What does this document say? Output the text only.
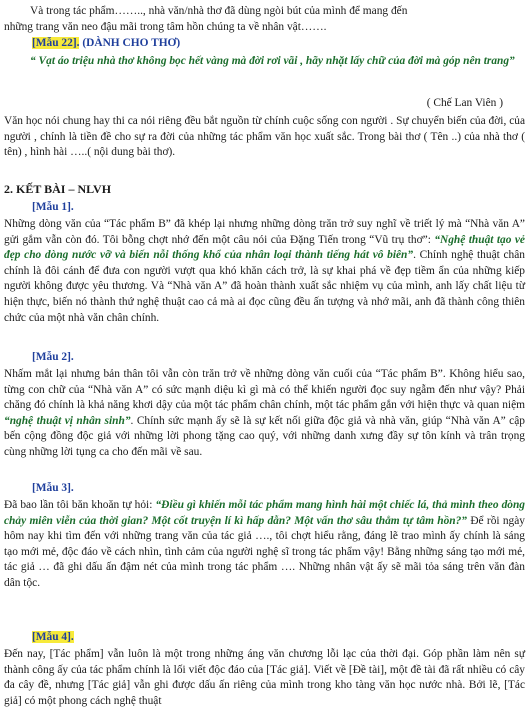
Và trong tác phẩm…….., nhà văn/nhà thơ đã dùng ngòi bút của mình để mang đến
những trang văn neo đậu mãi trong tâm hồn chúng ta về nhân vật…….

[Mẫu 22]. (DÀNH CHO THƠ)

“ Vạt áo triệu nhà thơ không bọc hết vàng mà đời rơi vãi , hãy nhặt lấy chữ của đời mà góp nên trang”

( Chế Lan Viên )

Văn học nói chung hay thi ca nói riêng đều bắt nguồn từ chính cuộc sống con người . Sự chuyển biến của đời, của người , chính là tiền đề cho sự ra đời của những tác phẩm văn học xuất sắc. Trong bài thơ ( Tên ..) của nhà thơ ( tên) , hình hài …..( nội dung bài thơ).

2. KẾT BÀI – NLVH
[Mẫu 1].

Những dòng văn của “Tác phẩm B” đã khép lại nhưng những dòng trăn trở suy nghĩ về triết lý mà “Nhà văn A” gửi gắm vẫn còn đó. Tôi bỗng chợt nhớ đến một câu nói của Đặng Tiến trong “Vũ trụ thơ”: “Nghệ thuật tạo vẻ đẹp cho dòng nước vỡ và biến nỗi thống khổ của nhân loại thành tiếng hát vô biên”. Chính nghệ thuật chân chính là đôi cánh để đưa con người vượt qua khó khăn cách trở, là sự khai phá về đẹp tiềm ẩn của những kiếp người không được yêu thương. Và “Nhà văn A” đã hoàn thành xuất sắc nhiệm vụ của mình, anh lấy chất liệu từ hiện thực, biến nó thành thứ nghệ thuật cao cả mà ai đọc cũng đều ấn tượng và nhớ mãi, anh đã thành công thiên chức của một nhà văn chân chính.

[Mẫu 2].

Nhấm mắt lại nhưng bản thân tôi vẫn còn trăn trở về những dòng văn cuối của “Tác phẩm B”. Không hiểu sao, từng con chữ của “Nhà văn A” có sức mạnh diệu kì gì mà có thể khiến người đọc suy ngẫm đến như vậy? Phải chăng đó chính là khả năng khơi dậy của một tác phẩm chân chính, một tác phẩm gắn với hiện thực và quan niệm “nghệ thuật vị nhân sinh”. Chính sức mạnh ấy sẽ là sự kết nối giữa độc giả và nhà văn, giúp “Nhà văn A” cập bến cộng đồng độc giả với những lời phong tặng cao quý, với những danh xưng đầy sự tôn kính và trân trọng cùng những lời tụng ca cho đến mãi về sau.

[Mẫu 3].

Đã bao lần tôi băn khoăn tự hỏi: “Điều gì khiến mỗi tác phẩm mang hình hài một chiếc lá, thả mình theo dòng chảy miên viễn của thời gian? Một cốt truyện lí kì hấp dẫn? Một vấn thơ sâu thẳm tự tâm hồn?” Để rồi ngày hôm nay khi tìm đến với những trang văn của tác giả …., tôi chợt hiểu rằng, đáng lẽ trao mình ấy chính là sáng tạo mới mẻ, độc đáo về cách nhìn, tình cảm của người nghệ sĩ trong tác phẩm vậy! Bằng những sáng tạo mới mẻ, tác giả … đã ghi dấu ấn đậm nét của mình trong tác phẩm …. Những nhân vật ấy sẽ mãi tỏa sáng trên văn đàn dân tộc.

[Mẫu 4].

Đến nay, [Tác phẩm] vẫn luôn là một trong những áng văn chương lỗi lạc của thời đại. Góp phần làm nên sự thành công ấy của tác phẩm chính là lối viết độc đáo của [Tác giả]. Viết về [Đề tài], một đề tài đã rất nhiều có cây đa cây đề, nhưng [Tác giả] vẫn ghi được dấu ấn riêng của mình trong kho tàng văn học nước nhà. Bởi lẽ, [Tác giả] có một phong cách nghệ thuật
